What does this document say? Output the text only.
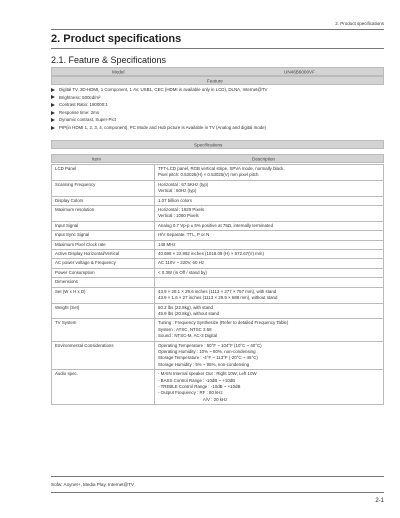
2. Product specifications
2. Product specifications
2.1. Feature & Specifications
Model	UN46B6000VF
Feature
Digital TV, 3D-HDMI, 1 Component, 1 AV, USB1, CEC (HDMI is available only in LCD), DLNA, Internet@TV
Brightness: 500cd/m²
Contrast Ratio: 150000:1
Response time: 2ms
Dynamic contrast, Super-Pict
PIP(in HDMI 1, 2, 3, 4, component), PC Mode and Hub picture is Available in TV (Analog and digital mode)
Specifications
Item	Description
LCD Panel	TFT-LCD panel, RGB vertical stripe, SPVA mode, normally black,
Pixel pitch: 0.53025(H) × 0.53025(V) mm pixel pitch

Scanning Frequency	Horizontal : 67.5KHz (typ)
Vertical : 60Hz (typ)

Display Colors	1.07 billion colors

Maximum resolution	Horizontal : 1920 Pixels
Vertical : 1080 Pixels

Input Signal	Analog 0.7 Vp-p ± 5% positive at 75Ω, internally terminated

Input Sync Signal	H/V Separate, TTL, P or N

Maximum Pixel Clock rate	148 MHz

Active Display Horizontal/Vertical	40.698 × 22.892 inches (1018.08 (H) × 572.67(V) mm)

AC power voltage & Frequency	AC 110V ~ 220V, 60 Hz

Power Consumption	< 0.3W (in Off / stand by)

Dimensions	
Set (W x H x D)	43.9 × 28.1 × 29.6 inches (1113 × 277 × 757 mm), with stand
43.9 × 1.6 × 27 inches (1113 × 29.9 × 688 mm), without stand

Weight (Set)	50.2 lbs (22.8kg), with stand
45.9 lbs (20.8kg), without stand

TV System	Tuning : Frequency Synthesize (Refer to detailed Frequency Table)
System : ATSC, NTSC 3.58
Sound : NTSC-M, AC-3 Digital

Environmental Considerations	Operating Temperature : 50°F ~ 104°F (10°C ~ 40°C)
Operating Humidity : 10% ~ 80%, non-condensing
Storage Temperature : -4°F ~ 113°F (-20°C ~ 45°C)
Storage Humidity : 5% ~ 95%, non-condensing

Audio spec.	- MAIN Internal speaker Out : Right 10W, Left 10W
- BASS Control Range : -10dB ~ +10dB
- TREBLE Control Range : -10dB ~ +10dB
- Output Frequency : RF : 80 kHz
A/V : 20 kHz
Sofw: Anynet+, Media Play, Internet@TV
2-1
